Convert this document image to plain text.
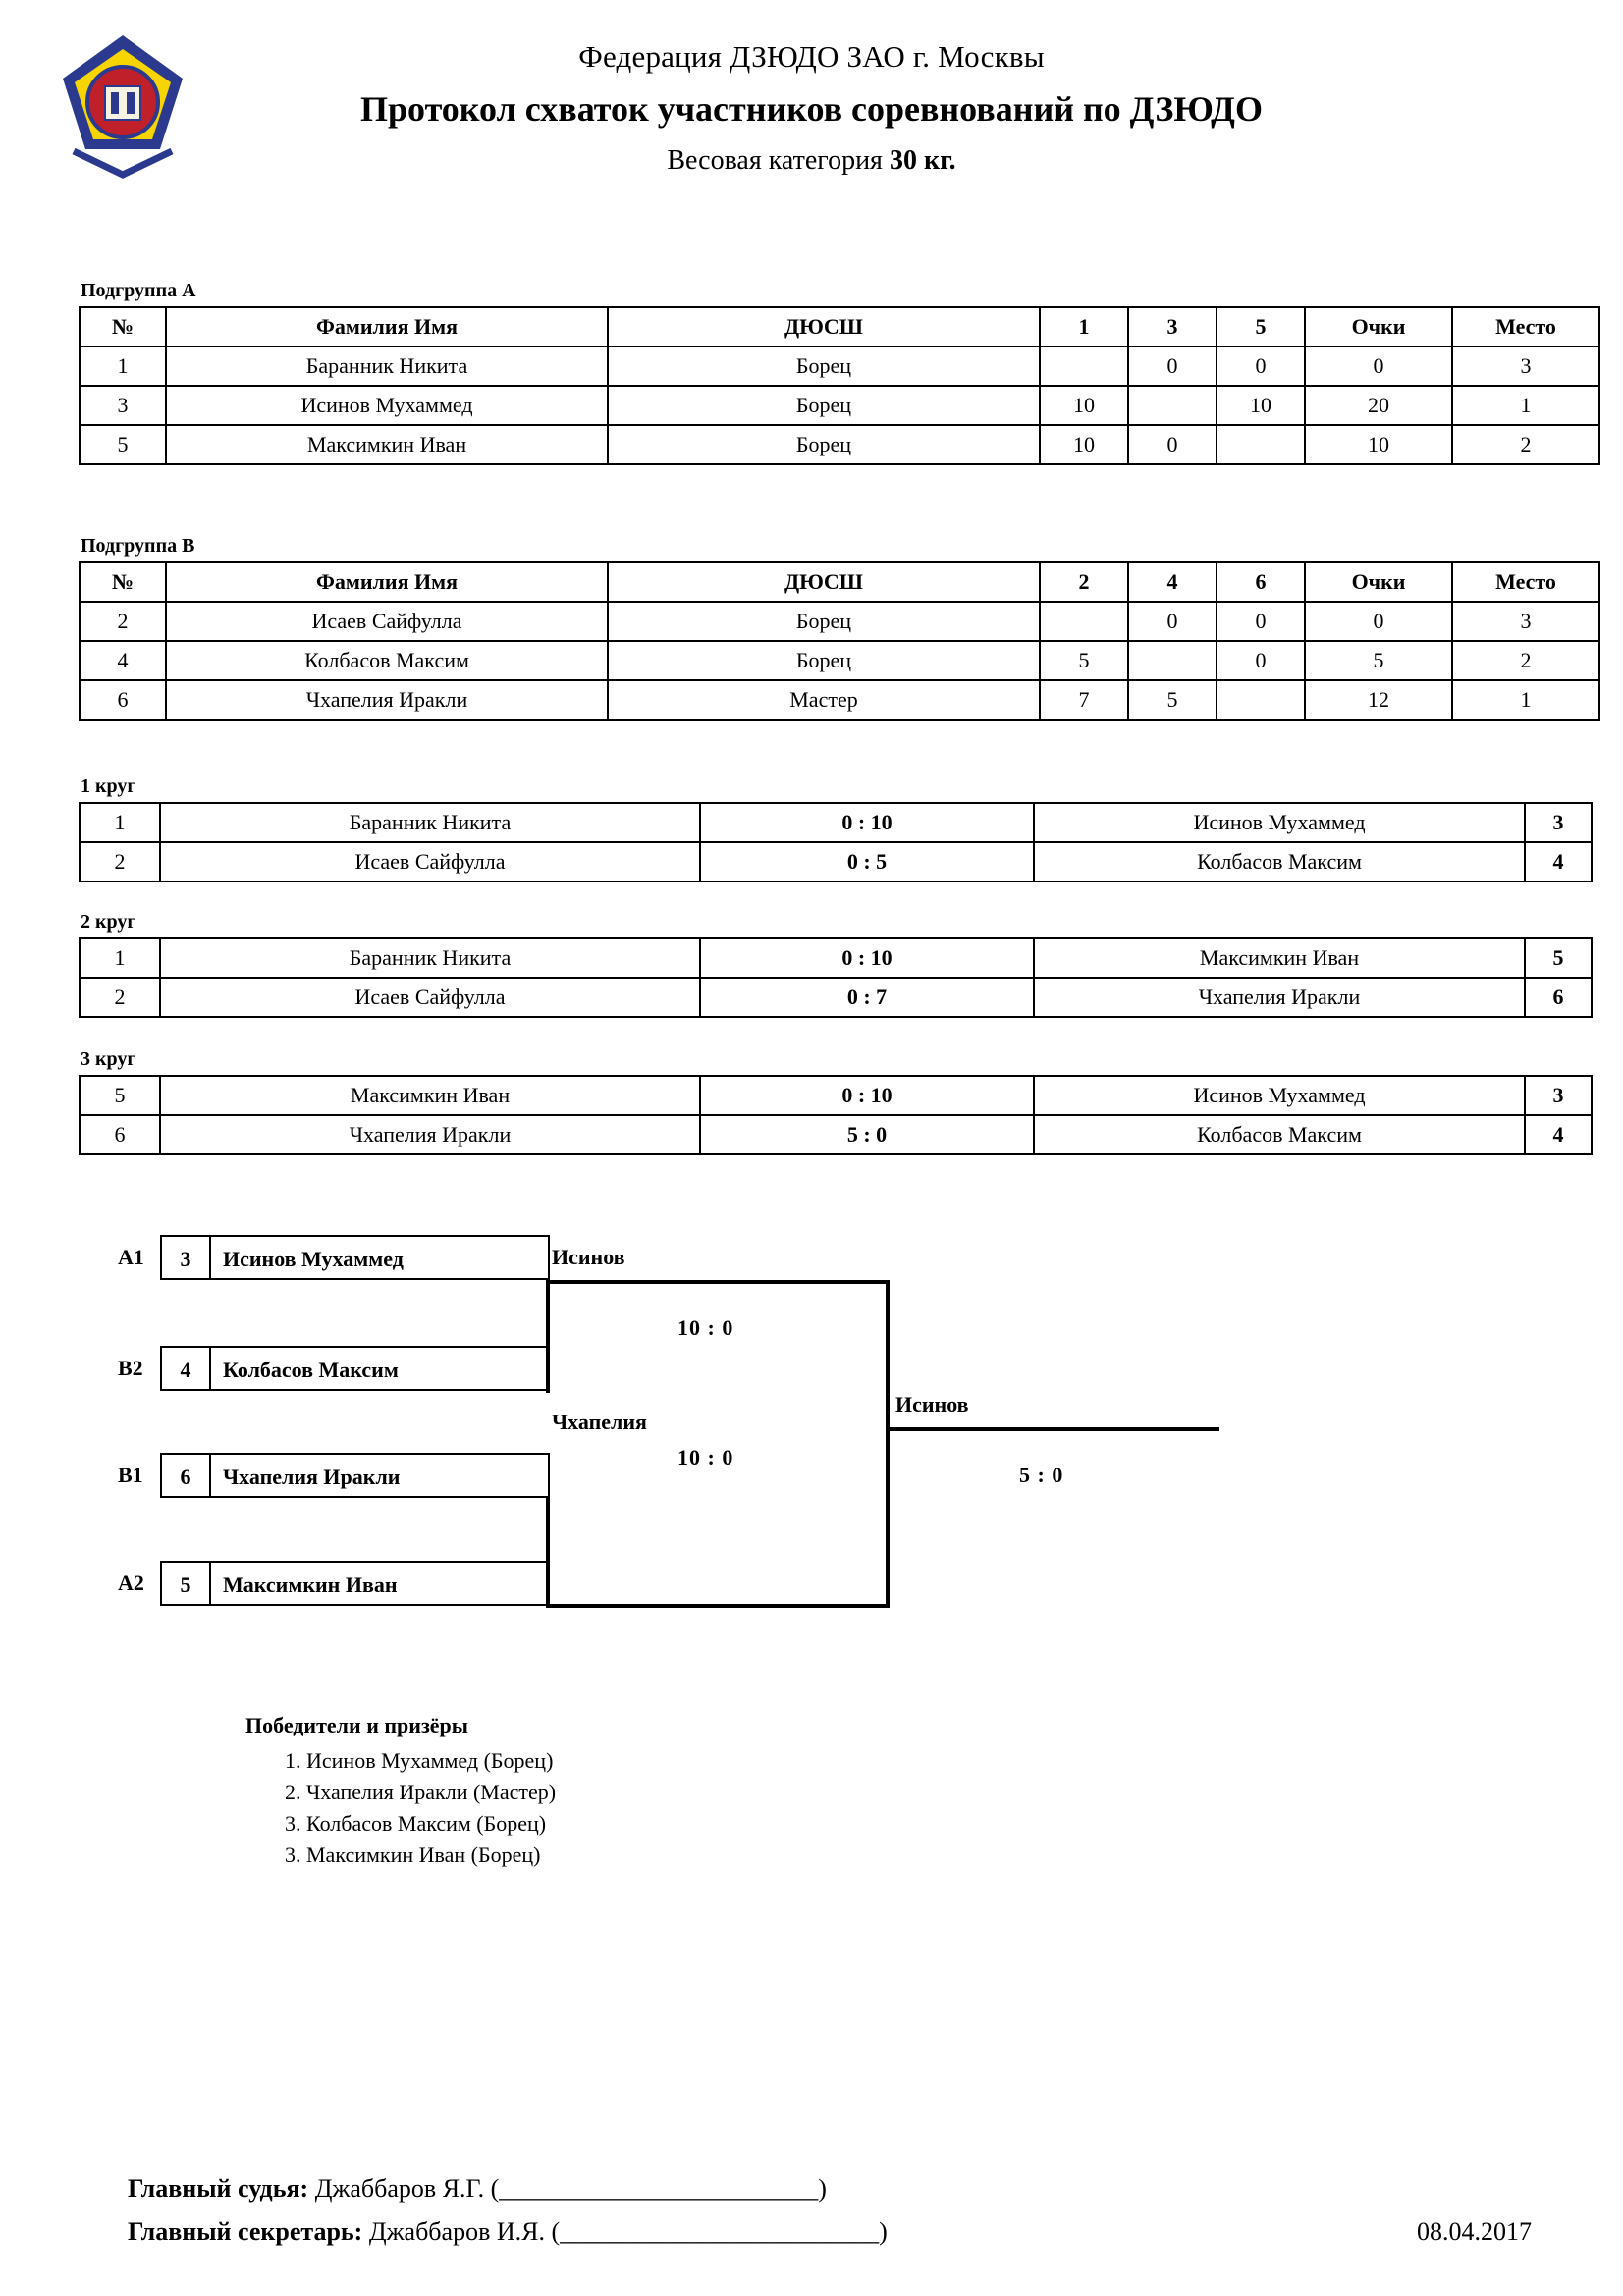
Федерация ДЗЮДО ЗАО г. Москвы
Протокол схваток участников соревнований по ДЗЮДО
Весовая категория 30 кг.
Подгруппа A
№	Фамилия Имя	ДЮСШ	1	3	5	Очки	Место
1	Баранник Никита	Борец		0	0	0	3
3	Исинов Мухаммед	Борец	10		10	20	1
5	Максимкин Иван	Борец	10	0		10	2
Подгруппа B
№	Фамилия Имя	ДЮСШ	2	4	6	Очки	Место
2	Исаев Сайфулла	Борец		0	0	0	3
4	Колбасов Максим	Борец	5		0	5	2
6	Чхапелия Иракли	Мастер	7	5		12	1
1 круг
1	Баранник Никита	0 : 10	Исинов Мухаммед	3
2	Исаев Сайфулла	0 : 5	Колбасов Максим	4
2 круг
1	Баранник Никита	0 : 10	Максимкин Иван	5
2	Исаев Сайфулла	0 : 7	Чхапелия Иракли	6
3 круг
5	Максимкин Иван	0 : 10	Исинов Мухаммед	3
6	Чхапелия Иракли	5 : 0	Колбасов Максим	4
A1	3	Исинов Мухаммед
B2	4	Колбасов Максим
B1	6	Чхапелия Иракли
A2	5	Максимкин Иван
Исинов
10 : 0
Чхапелия
10 : 0
Исинов
5 : 0
Победители и призёры
1. Исинов Мухаммед (Борец)
2. Чхапелия Иракли (Мастер)
3. Колбасов Максим (Борец)
3. Максимкин Иван (Борец)
Главный судья: Джаббаров Я.Г. (_________________________)
Главный секретарь: Джаббаров И.Я. (_________________________)	08.04.2017
